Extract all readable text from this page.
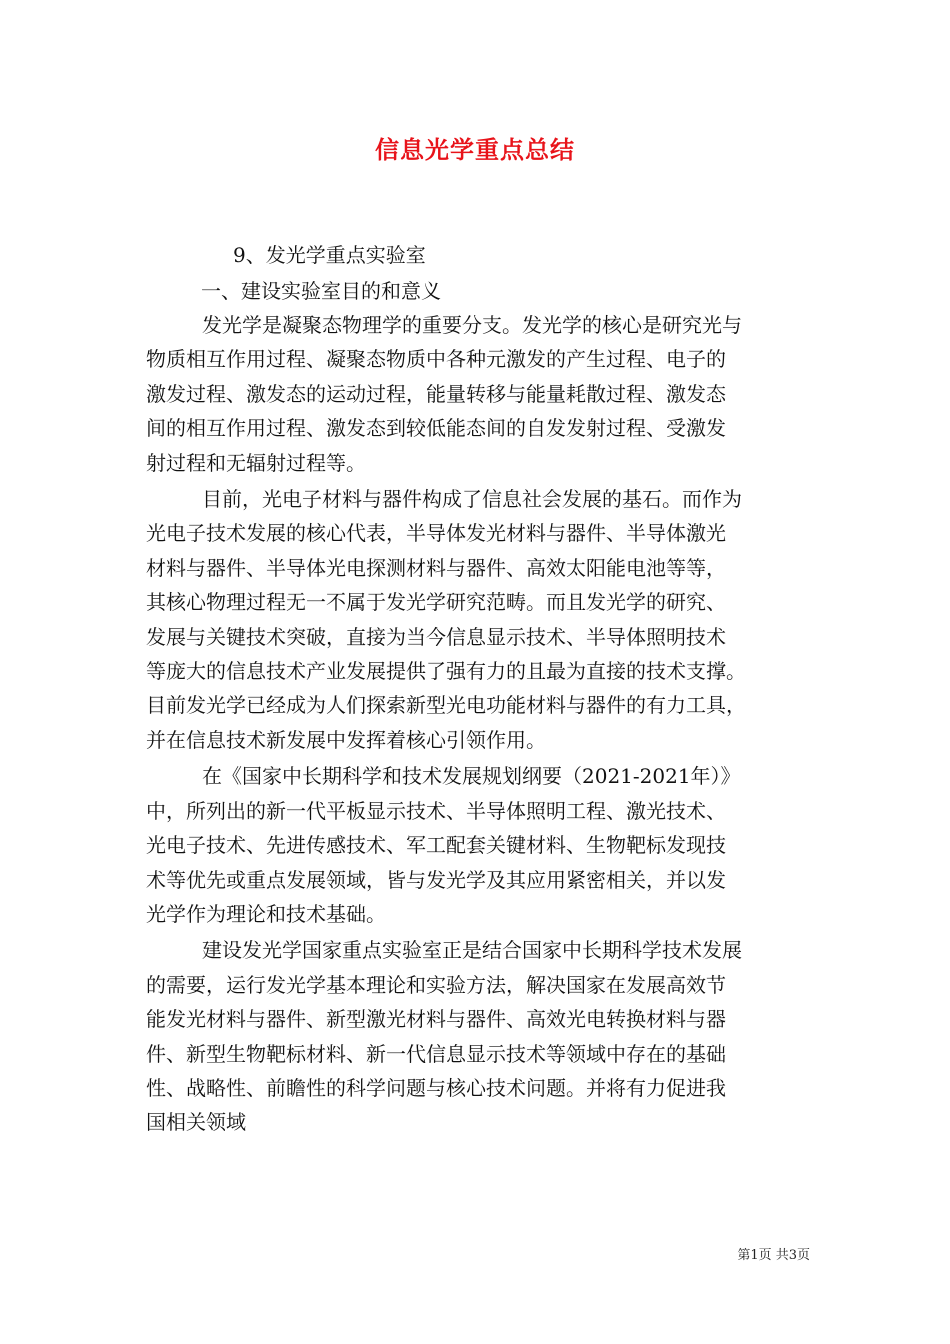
信息光学重点总结
9、发光学重点实验室
一、建设实验室目的和意义
发光学是凝聚态物理学的重要分支。发光学的核心是研究光与
物质相互作用过程、凝聚态物质中各种元激发的产生过程、电子的
激发过程、激发态的运动过程，能量转移与能量耗散过程、激发态
间的相互作用过程、激发态到较低能态间的自发发射过程、受激发
射过程和无辐射过程等。
目前，光电子材料与器件构成了信息社会发展的基石。而作为
光电子技术发展的核心代表，半导体发光材料与器件、半导体激光
材料与器件、半导体光电探测材料与器件、高效太阳能电池等等，
其核心物理过程无一不属于发光学研究范畴。而且发光学的研究、
发展与关键技术突破，直接为当今信息显示技术、半导体照明技术
等庞大的信息技术产业发展提供了强有力的且最为直接的技术支撑。
目前发光学已经成为人们探索新型光电功能材料与器件的有力工具，
并在信息技术新发展中发挥着核心引领作用。
在《国家中长期科学和技术发展规划纲要（2021-2021年）》
中，所列出的新一代平板显示技术、半导体照明工程、激光技术、
光电子技术、先进传感技术、军工配套关键材料、生物靶标发现技
术等优先或重点发展领域，皆与发光学及其应用紧密相关，并以发
光学作为理论和技术基础。
建设发光学国家重点实验室正是结合国家中长期科学技术发展
的需要，运行发光学基本理论和实验方法，解决国家在发展高效节
能发光材料与器件、新型激光材料与器件、高效光电转换材料与器
件、新型生物靶标材料、新一代信息显示技术等领域中存在的基础
性、战略性、前瞻性的科学问题与核心技术问题。并将有力促进我
国相关领域
第1页 共3页
